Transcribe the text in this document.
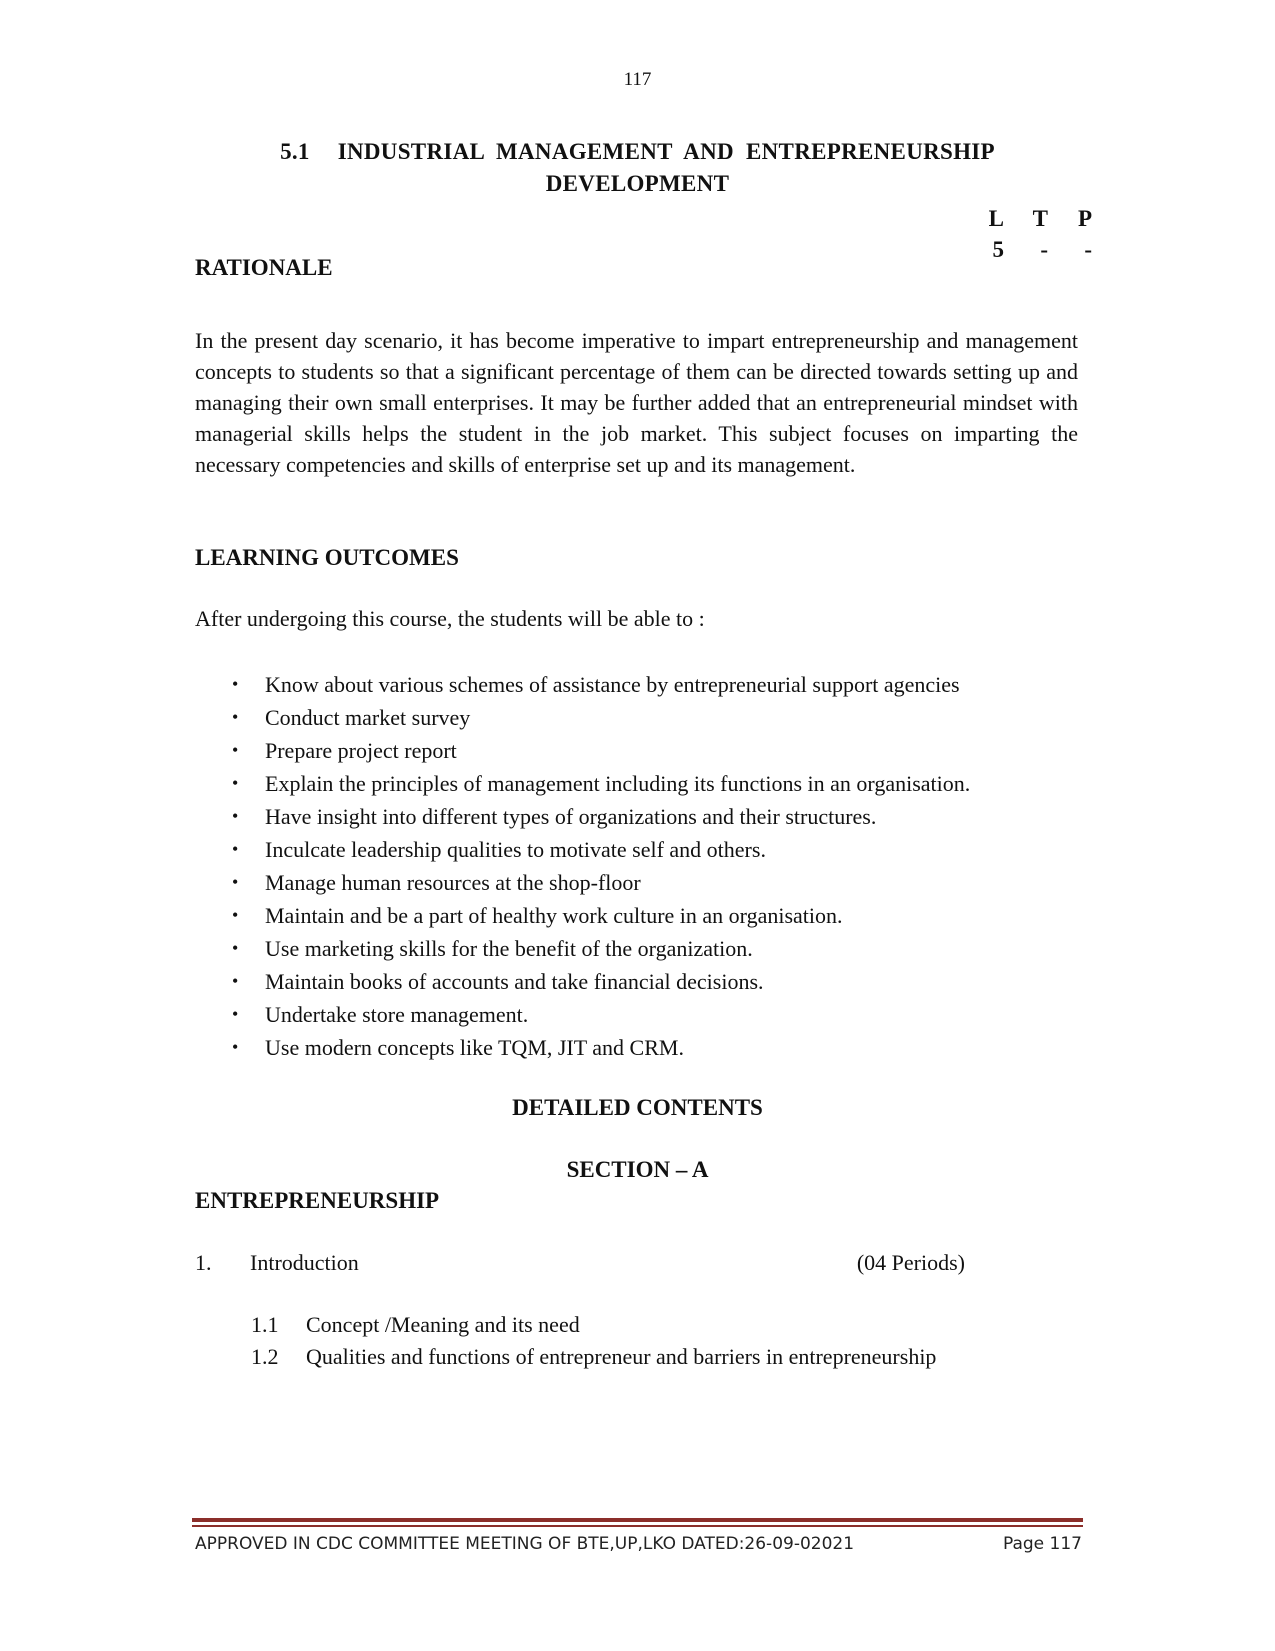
117
5.1 INDUSTRIAL  MANAGEMENT  AND  ENTREPRENEURSHIP
DEVELOPMENT
L	T	P
5	-	-
RATIONALE
In the present day scenario, it has become imperative to impart entrepreneurship and management concepts to students so that a significant percentage of them can be directed towards setting up and managing their own small enterprises. It may be further added that an entrepreneurial mindset with managerial skills helps the student in the job market. This subject focuses on imparting the necessary competencies and skills of enterprise set up and its management.
LEARNING OUTCOMES
After undergoing this course, the students will be able to :
• Know about various schemes of assistance by entrepreneurial support agencies
• Conduct market survey
• Prepare project report
• Explain the principles of management including its functions in an organisation.
• Have insight into different types of organizations and their structures.
• Inculcate leadership qualities to motivate self and others.
• Manage human resources at the shop-floor
• Maintain and be a part of healthy work culture in an organisation.
• Use marketing skills for the benefit of the organization.
• Maintain books of accounts and take financial decisions.
• Undertake store management.
• Use modern concepts like TQM, JIT and CRM.
DETAILED CONTENTS
SECTION – A
ENTREPRENEURSHIP
1. Introduction	(04 Periods)
1.1 Concept /Meaning and its need
1.2 Qualities and functions of entrepreneur and barriers in entrepreneurship
APPROVED IN CDC COMMITTEE MEETING OF BTE,UP,LKO DATED:26-09-02021	Page 117
